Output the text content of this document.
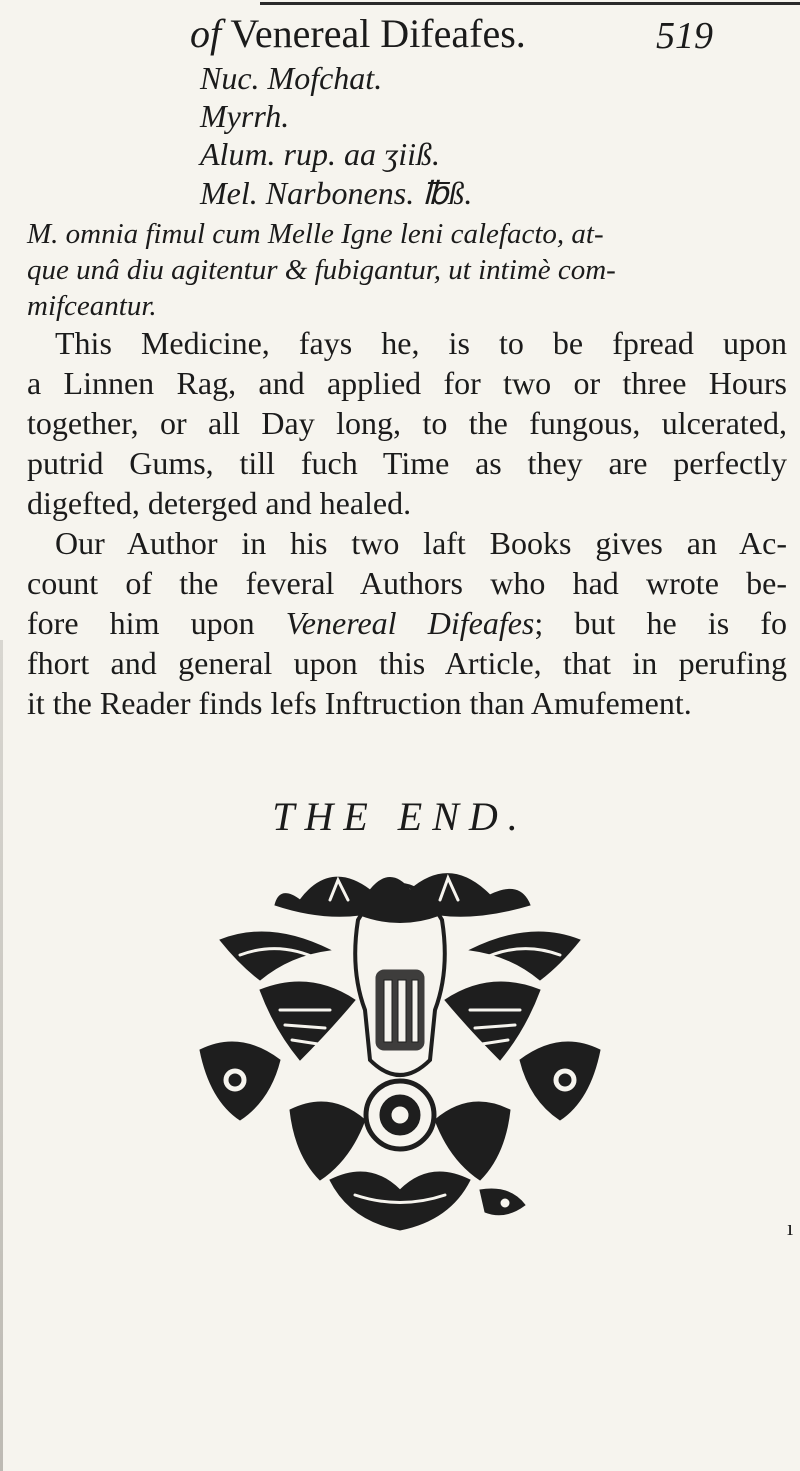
of Venereal Difeafes.	519
Nuc. Mofchat.
Myrrh.
Alum. rup. aa ʒiiß.
Mel. Narbonens. ℔ß.
M. omnia fimul cum Melle Igne leni calefacto, at-
que unâ diu agitentur & fubigantur, ut intimè com-
mifceantur.
This Medicine, fays he, is to be fpread upon
a Linnen Rag, and applied for two or three Hours
together, or all Day long, to the fungous, ulcerated,
putrid Gums, till fuch Time as they are perfectly
digefted, deterged and healed.
Our Author in his two laft Books gives an Ac-
count of the feveral Authors who had wrote be-
fore him upon Venereal Difeafes; but he is fo
fhort and general upon this Article, that in perufing
it the Reader finds lefs Inftruction than Amufement.
THE END.
ı
